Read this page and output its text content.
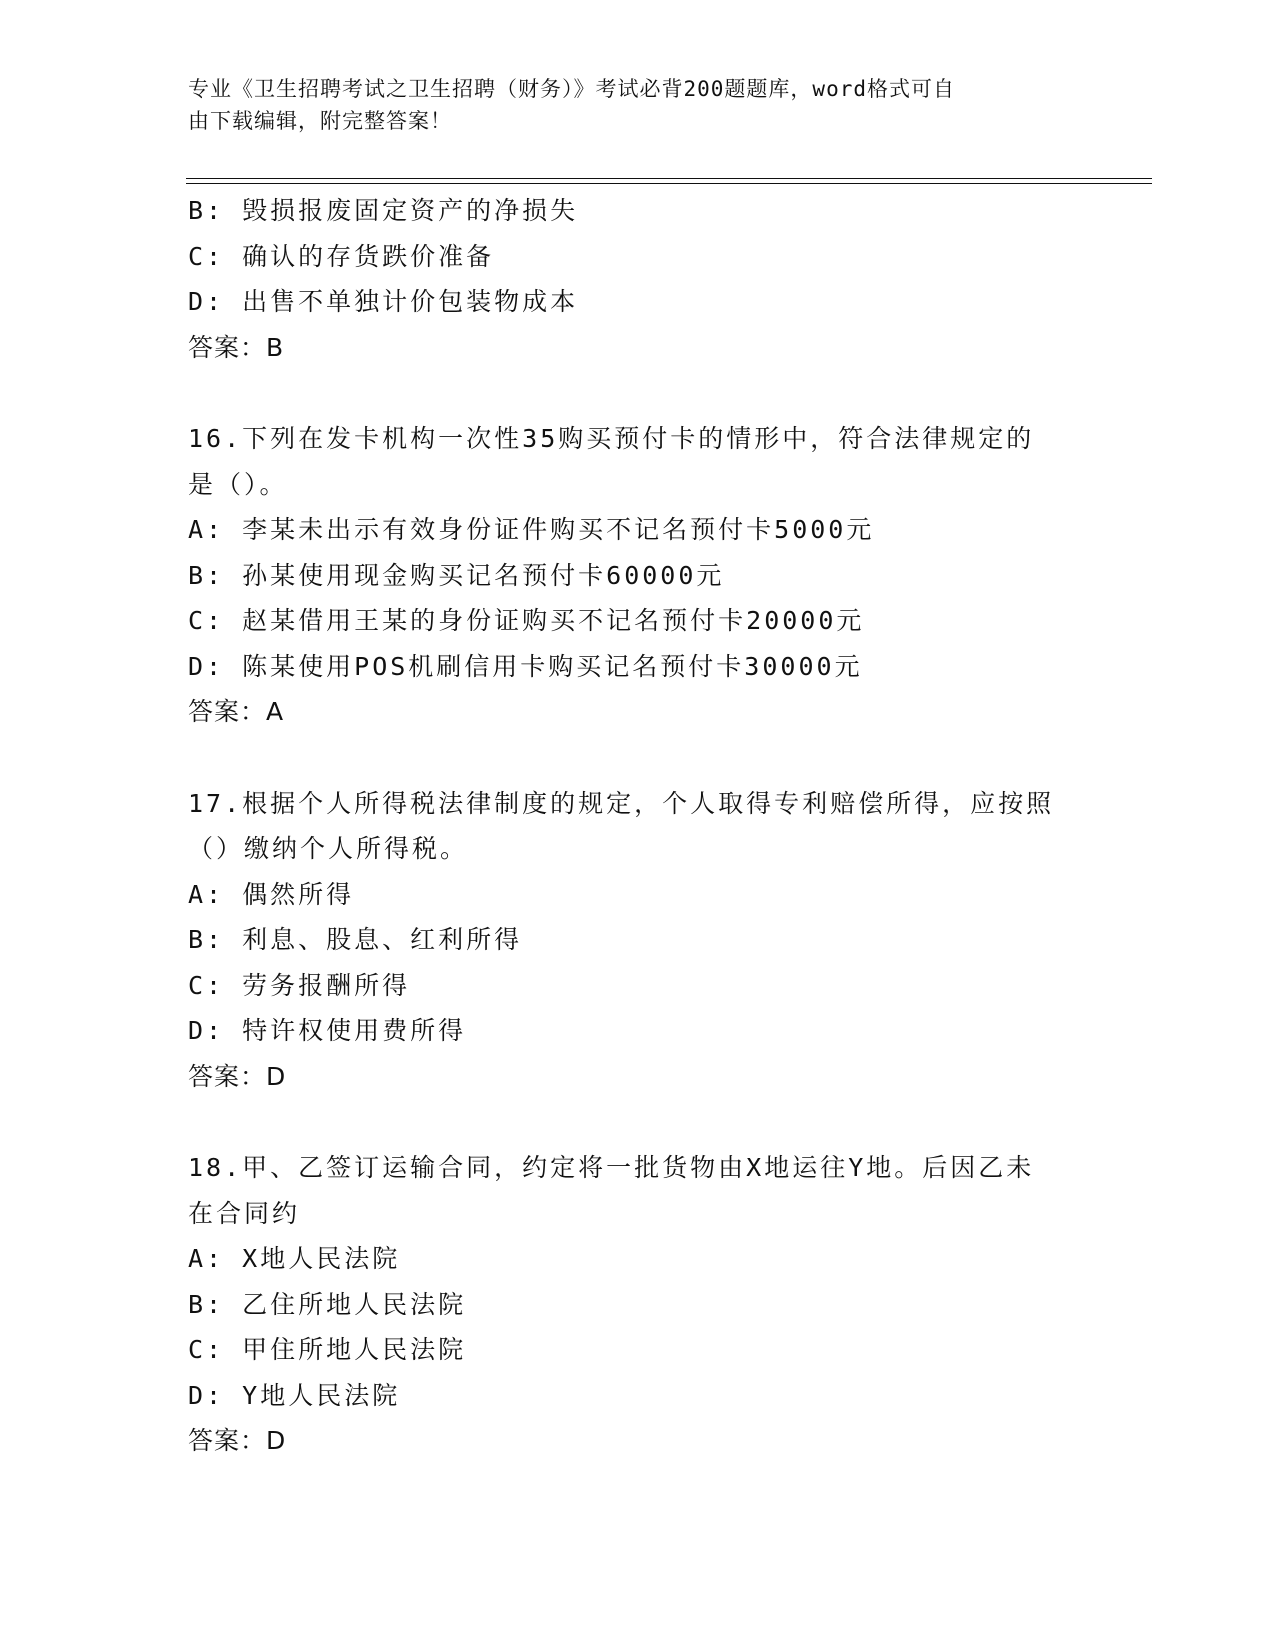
专业《卫生招聘考试之卫生招聘（财务）》考试必背200题题库，word格式可自
由下载编辑，附完整答案！
B: 毁损报废固定资产的净损失
C: 确认的存货跌价准备
D: 出售不单独计价包装物成本
答案：B
16.下列在发卡机构一次性35购买预付卡的情形中，符合法律规定的
是（）。
A: 李某未出示有效身份证件购买不记名预付卡5000元
B: 孙某使用现金购买记名预付卡60000元
C: 赵某借用王某的身份证购买不记名预付卡20000元
D: 陈某使用POS机刷信用卡购买记名预付卡30000元
答案：A
17.根据个人所得税法律制度的规定，个人取得专利赔偿所得，应按照
（）缴纳个人所得税。
A: 偶然所得
B: 利息、股息、红利所得
C: 劳务报酬所得
D: 特许权使用费所得
答案：D
18.甲、乙签订运输合同，约定将一批货物由X地运往Y地。后因乙未
在合同约
A: X地人民法院
B: 乙住所地人民法院
C: 甲住所地人民法院
D: Y地人民法院
答案：D
